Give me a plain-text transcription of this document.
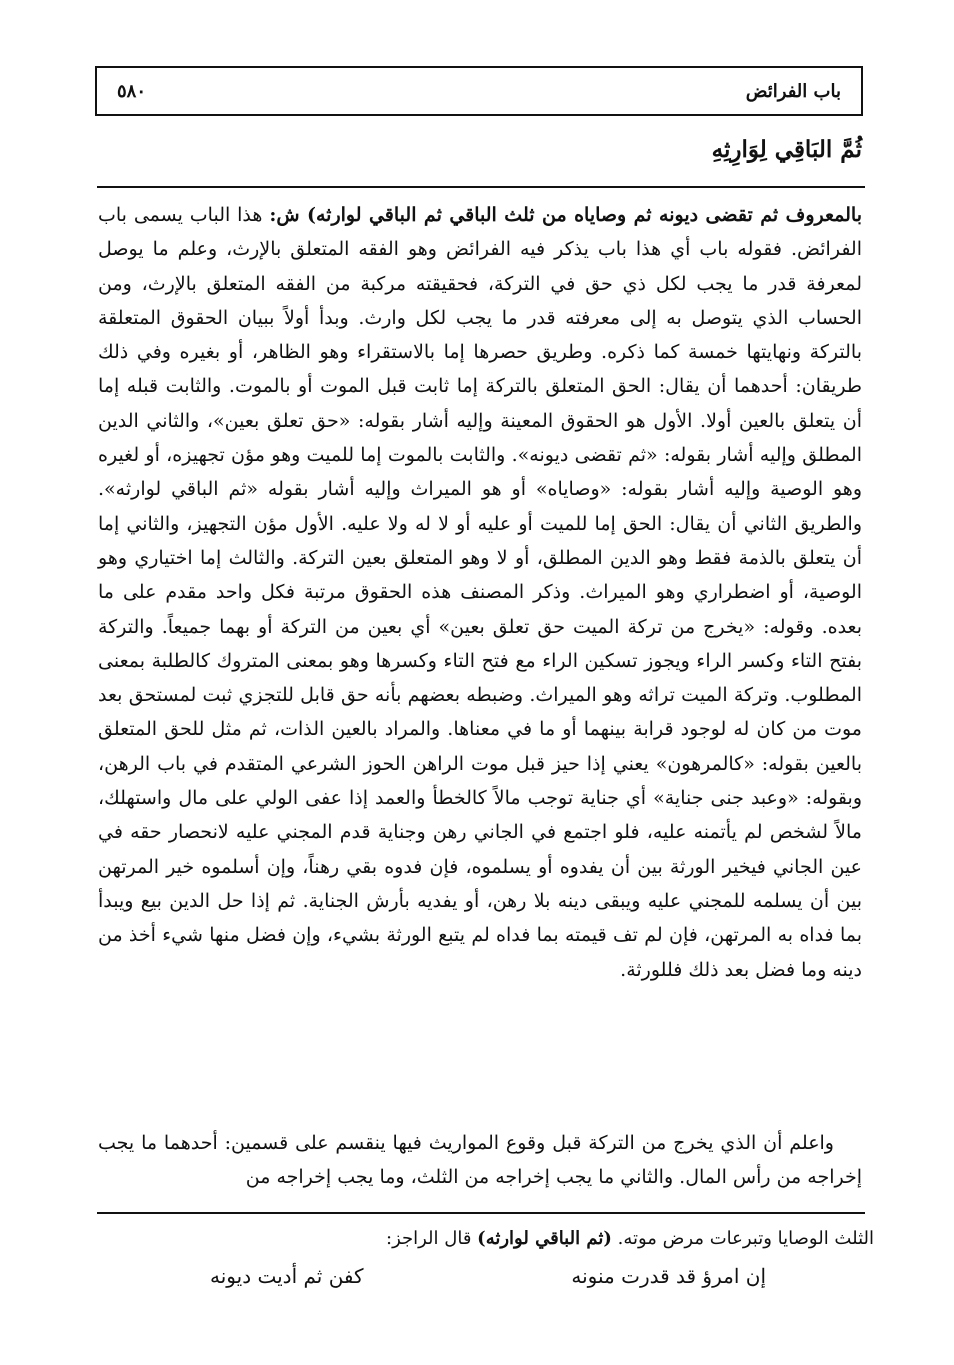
باب الفرائض
٥٨٠
ثُمَّ البَاقِي لِوَارِثِهِ

بالمعروف ثم تقضى ديونه ثم وصاياه من ثلث الباقي ثم الباقي لوارثه) ش: هذا الباب يسمى باب الفرائض. فقوله باب أي هذا باب يذكر فيه الفرائض وهو الفقه المتعلق بالإرث، وعلم ما يوصل لمعرفة قدر ما يجب لكل ذي حق في التركة، فحقيقته مركبة من الفقه المتعلق بالإرث، ومن الحساب الذي يتوصل به إلى معرفته قدر ما يجب لكل وارث. وبدأ أولاً ببيان الحقوق المتعلقة بالتركة ونهايتها خمسة كما ذكره. وطريق حصرها إما بالاستقراء وهو الظاهر، أو بغيره وفي ذلك طريقان: أحدهما أن يقال: الحق المتعلق بالتركة إما ثابت قبل الموت أو بالموت. والثابت قبله إما أن يتعلق بالعين أولا. الأول هو الحقوق المعينة وإليه أشار بقوله: «حق تعلق بعين»، والثاني الدين المطلق وإليه أشار بقوله: «ثم تقضى ديونه». والثابت بالموت إما للميت وهو مؤن تجهيزه، أو لغيره وهو الوصية وإليه أشار بقوله: «وصاياه» أو هو الميراث وإليه أشار بقوله «ثم الباقي لوارثه». والطريق الثاني أن يقال: الحق إما للميت أو عليه أو لا له ولا عليه. الأول مؤن التجهيز، والثاني إما أن يتعلق بالذمة فقط وهو الدين المطلق، أو لا وهو المتعلق بعين التركة. والثالث إما اختياري وهو الوصية، أو اضطراري وهو الميراث. وذكر المصنف هذه الحقوق مرتبة فكل واحد مقدم على ما بعده. وقوله: «يخرج من تركة الميت حق تعلق بعين» أي بعين من التركة أو بهما جميعاً. والتركة بفتح التاء وكسر الراء ويجوز تسكين الراء مع فتح التاء وكسرها وهو بمعنى المتروك كالطلبة بمعنى المطلوب. وتركة الميت تراثه وهو الميراث. وضبطه بعضهم بأنه حق قابل للتجزي ثبت لمستحق بعد موت من كان له لوجود قرابة بينهما أو ما في معناها. والمراد بالعين الذات، ثم مثل للحق المتعلق بالعين بقوله: «كالمرهون» يعني إذا حيز قبل موت الراهن الحوز الشرعي المتقدم في باب الرهن، وبقوله: «وعبد جنى جناية» أي جناية توجب مالاً كالخطأ والعمد إذا عفى الولي على مال واستهلك، مالاً لشخص لم يأتمنه عليه، فلو اجتمع في الجاني رهن وجناية قدم المجني عليه لانحصار حقه في عين الجاني فيخير الورثة بين أن يفدوه أو يسلموه، فإن فدوه بقي رهناً، وإن أسلموه خير المرتهن بين أن يسلمه للمجني عليه ويبقى دينه بلا رهن، أو يفديه بأرش الجناية. ثم إذا حل الدين بيع ويبدأ بما فداه به المرتهن، فإن لم تف قيمته بما فداه لم يتبع الورثة بشيء، وإن فضل منها شيء أخذ من دينه وما فضل بعد ذلك فللورثة.

واعلم أن الذي يخرج من التركة قبل وقوع المواريث فيها ينقسم على قسمين: أحدهما ما يجب إخراجه من رأس المال. والثاني ما يجب إخراجه من الثلث، وما يجب إخراجه من

الثلث الوصايا وتبرعات مرض موته. (ثم الباقي لوارثه) قال الراجز:

إن امرؤ قد قدرت منونه
كفن ثم أديت ديونه
